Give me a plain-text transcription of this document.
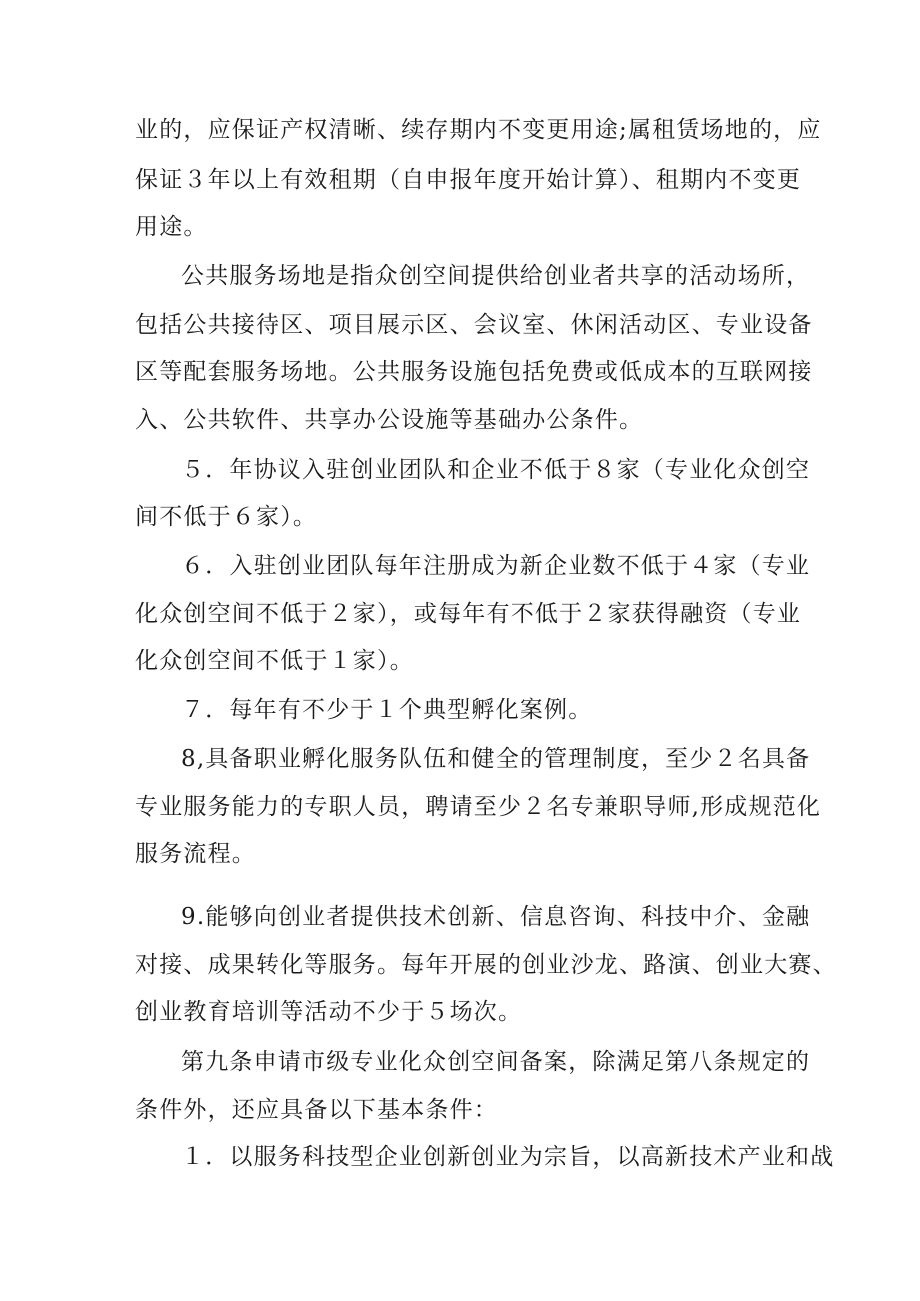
业的，应保证产权清晰、续存期内不变更用途;属租赁场地的，应
保证３年以上有效租期（自申报年度开始计算）、租期内不变更
用途。
公共服务场地是指众创空间提供给创业者共享的活动场所，
包括公共接待区、项目展示区、会议室、休闲活动区、专业设备
区等配套服务场地。公共服务设施包括免费或低成本的互联网接
入、公共软件、共享办公设施等基础办公条件。
５．年协议入驻创业团队和企业不低于８家（专业化众创空
间不低于６家）。
６．入驻创业团队每年注册成为新企业数不低于４家（专业
化众创空间不低于２家），或每年有不低于２家获得融资（专业
化众创空间不低于１家）。
７．每年有不少于１个典型孵化案例。
8,具备职业孵化服务队伍和健全的管理制度，至少２名具备
专业服务能力的专职人员，聘请至少２名专兼职导师,形成规范化
服务流程。
9.能够向创业者提供技术创新、信息咨询、科技中介、金融
对接、成果转化等服务。每年开展的创业沙龙、路演、创业大赛、
创业教育培训等活动不少于５场次。
第九条申请市级专业化众创空间备案，除满足第八条规定的
条件外，还应具备以下基本条件：
１．以服务科技型企业创新创业为宗旨，以高新技术产业和战
